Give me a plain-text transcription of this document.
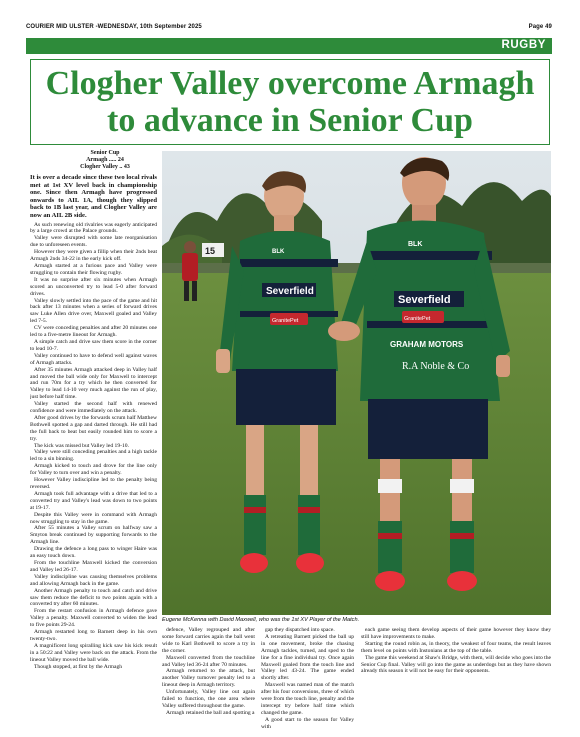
COURIER MID ULSTER -WEDNESDAY, 10th September 2025	Page 49
RUGBY
Clogher Valley overcome Armagh
to advance in Senior Cup
Senior Cup
Armagh ..... 24
Clogher Valley .. 43
It is over a decade since these two local rivals met at 1st XV level back in championship one. Since then Armagh have progressed onwards to AIL 1A, though they slipped back to 1B last year, and Clogher Valley are now an AIL 2B side.

As such renewing old rivalries was eagerly anticipated by a large crowd at the Palace grounds.

Valley were disrupted with some late reorganisation due to unforeseen events.

However they were given a fillip when their 2nds beat Armagh 2nds 34-22 in the early kick off.

Armagh started at a furious pace and Valley were struggling to contain their flowing rugby.

It was no surprise after six minutes when Armagh scored an unconverted try to lead 5-0 after forward drives.

Valley slowly settled into the pace of the game and hit back after 13 minutes when a series of forward drives saw Luke Allen drive over, Maxwell goaled and Valley led 7-5.

CV were conceding penalties and after 20 minutes one led to a five-metre lineout for Armagh.

A simple catch and drive saw them score in the corner to lead 10-7.

Valley continued to have to defend well against waves of Armagh attacks.

After 35 minutes Armagh attacked deep in Valley half and moved the ball wide only for Maxwell to intercept and run 70m for a try which he then converted for Valley to lead 14-10 very much against the run of play, just before half time.

Valley started the second half with renewed confidence and were immediately on the attack.

After good drives by the forwards scrum half Matthew Bothwell spotted a gap and darted through. He still had the full back to beat but easily rounded him to score a try.

The kick was missed but Valley led 19-10.

Valley were still conceding penalties and a high tackle led to a sin binning.

Armagh kicked to touch and drove for the line only for Valley to turn over and win a penalty.

However Valley indiscipline led to the penalty being reversed.

Armagh took full advantage with a drive that led to a converted try and Valley's lead was down to two points at 19-17.

Despite this Valley were in command with Armagh now struggling to stay in the game.

After 55 minutes a Valley scrum on halfway saw a Smyton break continued by supporting forwards to the Armagh line.

Drawing the defence a long pass to winger Haire was an easy touch down.

From the touchline Maxwell kicked the conversion and Valley led 26-17.

Valley indiscipline was causing themselves problems and allowing Armagh back in the game.

Another Armagh penalty to touch and catch and drive saw them reduce the deficit to two points again with a converted try after 60 minutes.

From the restart confusion in Armagh defence gave Valley a penalty. Maxwell converted to widen the lead to five points 29-24.

Armagh restarted long to Barnett deep in his own twenty-two.

A magnificent long spiralling kick saw his kick result in a 50:22 and Valley were back on the attack. From the lineout Valley moved the ball wide.

Though stopped, at first by the Armagh

15
Severfield
BLK
GranitePet
Severfield
BLK
GranitePet
GRAHAM MOTORS
R.A Noble & Co
Eugene McKenna with David Maxwell, who was the 1st XV Player of the Match.

defence, Valley regrouped and after some forward carries again the ball went wide to Karl Bothwell to score a try in the corner.

Maxwell converted from the touchline and Valley led 36-24 after 70 minutes.

Armagh returned to the attack, but another Valley turnover penalty led to a lineout deep in Armagh territory.

Unfortunately, Valley line out again failed to function, the one area where Valley suffered throughout the game.

Armagh retained the ball and spotting a

gap they dispatched into space.

A retreating Barnett picked the ball up in one movement, broke the chasing Armagh tackles, turned, and sped to the line for a fine individual try. Once again Maxwell goaled from the touch line and Valley led 43-24. The game ended shortly after.

Maxwell was named man of the match after his four conversions, three of which were from the touch line, penalty and the intercept try before half time which changed the game.

A good start to the season for Valley with

each game seeing them develop aspects of their game however they know they still have improvements to make.

Starting the round robin as, in theory, the weakest of four teams, the result leaves them level on points with Instonians at the top of the table.

The game this weekend at Shaw's Bridge, with them, will decide who goes into the Senior Cup final. Valley will go into the game as underdogs but as they have shown already this season it will not be easy for their opponents.
